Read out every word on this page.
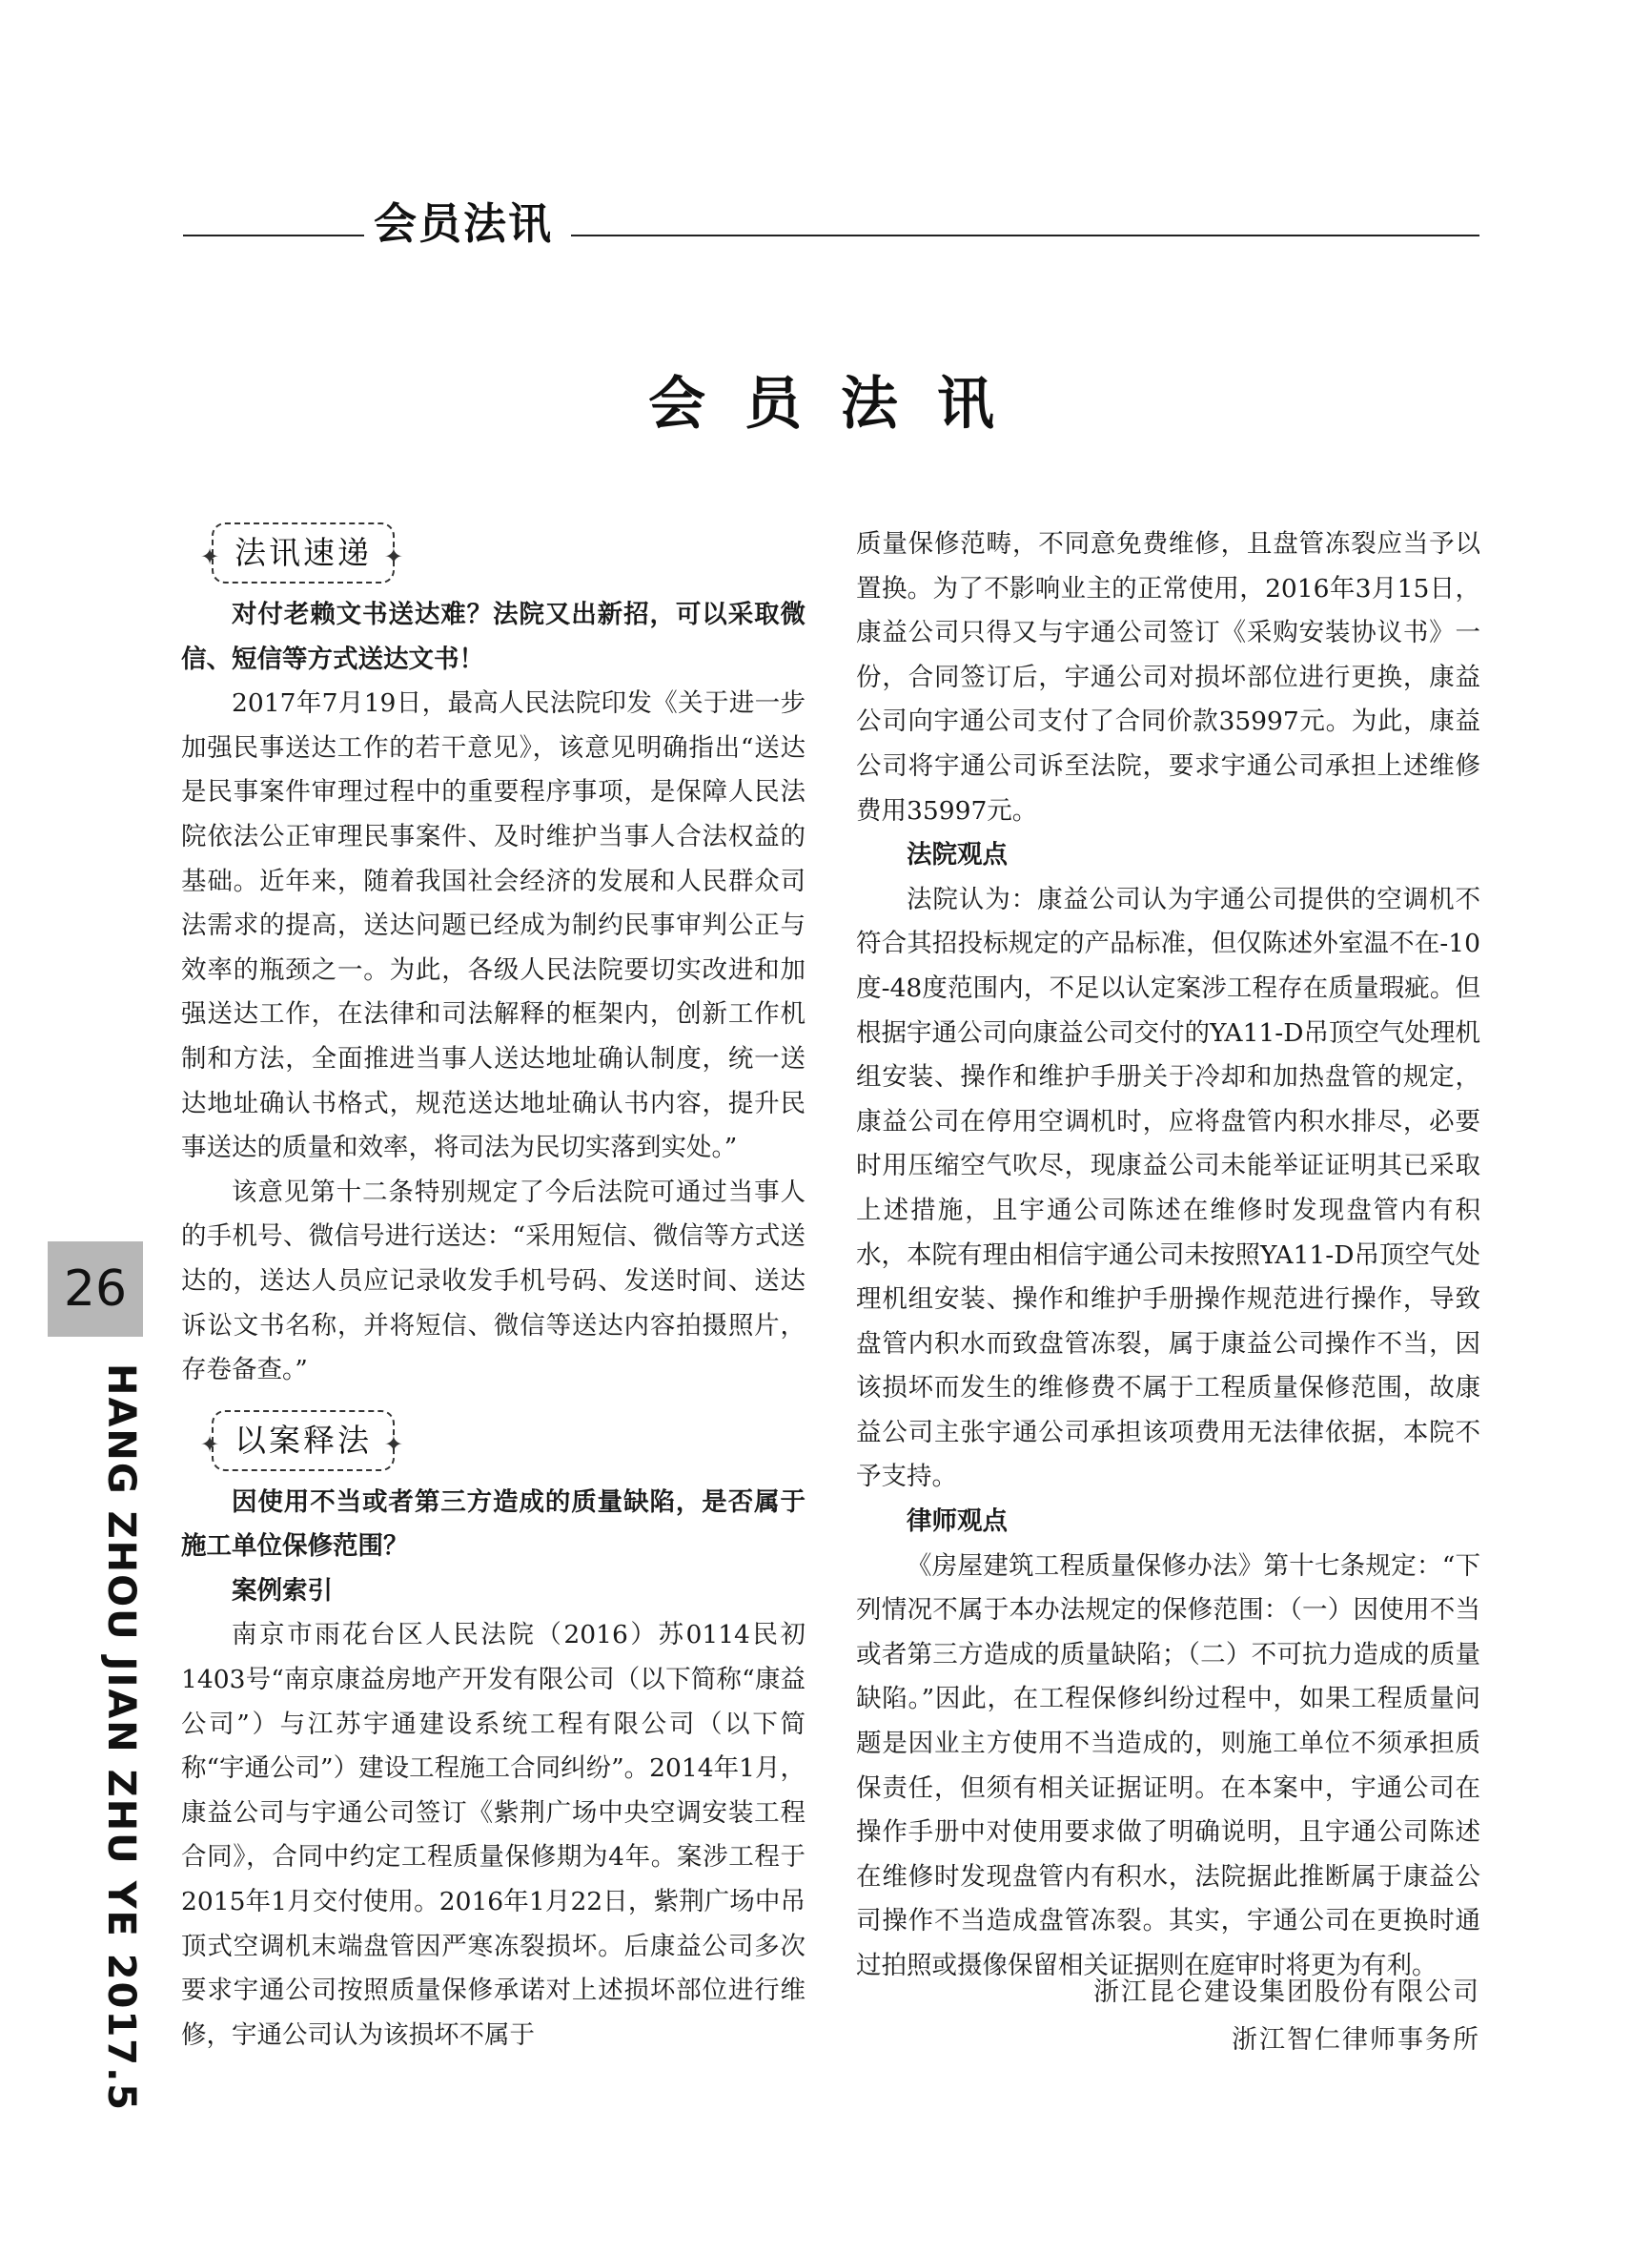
会员法讯
会 员 法 讯
✦ 法讯速递 ✦

对付老赖文书送达难？法院又出新招，可以采取微信、短信等方式送达文书！

2017年7月19日，最高人民法院印发《关于进一步加强民事送达工作的若干意见》，该意见明确指出“送达是民事案件审理过程中的重要程序事项，是保障人民法院依法公正审理民事案件、及时维护当事人合法权益的基础。近年来，随着我国社会经济的发展和人民群众司法需求的提高，送达问题已经成为制约民事审判公正与效率的瓶颈之一。为此，各级人民法院要切实改进和加强送达工作，在法律和司法解释的框架内，创新工作机制和方法，全面推进当事人送达地址确认制度，统一送达地址确认书格式，规范送达地址确认书内容，提升民事送达的质量和效率，将司法为民切实落到实处。”

该意见第十二条特别规定了今后法院可通过当事人的手机号、微信号进行送达：“采用短信、微信等方式送达的，送达人员应记录收发手机号码、发送时间、送达诉讼文书名称，并将短信、微信等送达内容拍摄照片，存卷备查。”

✦ 以案释法 ✦

因使用不当或者第三方造成的质量缺陷，是否属于施工单位保修范围？

案例索引

南京市雨花台区人民法院（2016）苏0114民初1403号“南京康益房地产开发有限公司（以下简称“康益公司”）与江苏宇通建设系统工程有限公司（以下简称“宇通公司”）建设工程施工合同纠纷”。2014年1月，康益公司与宇通公司签订《紫荆广场中央空调安装工程合同》，合同中约定工程质量保修期为4年。案涉工程于2015年1月交付使用。2016年1月22日，紫荆广场中吊顶式空调机末端盘管因严寒冻裂损坏。后康益公司多次要求宇通公司按照质量保修承诺对上述损坏部位进行维修，宇通公司认为该损坏不属于

质量保修范畴，不同意免费维修，且盘管冻裂应当予以置换。为了不影响业主的正常使用，2016年3月15日，康益公司只得又与宇通公司签订《采购安装协议书》一份，合同签订后，宇通公司对损坏部位进行更换，康益公司向宇通公司支付了合同价款35997元。为此，康益公司将宇通公司诉至法院，要求宇通公司承担上述维修费用35997元。

法院观点

法院认为：康益公司认为宇通公司提供的空调机不符合其招投标规定的产品标准，但仅陈述外室温不在-10度-48度范围内，不足以认定案涉工程存在质量瑕疵。但根据宇通公司向康益公司交付的YA11-D吊顶空气处理机组安装、操作和维护手册关于冷却和加热盘管的规定，康益公司在停用空调机时，应将盘管内积水排尽，必要时用压缩空气吹尽，现康益公司未能举证证明其已采取上述措施，且宇通公司陈述在维修时发现盘管内有积水，本院有理由相信宇通公司未按照YA11-D吊顶空气处理机组安装、操作和维护手册操作规范进行操作，导致盘管内积水而致盘管冻裂，属于康益公司操作不当，因该损坏而发生的维修费不属于工程质量保修范围，故康益公司主张宇通公司承担该项费用无法律依据，本院不予支持。

律师观点

《房屋建筑工程质量保修办法》第十七条规定：“下列情况不属于本办法规定的保修范围：（一）因使用不当或者第三方造成的质量缺陷；（二）不可抗力造成的质量缺陷。”因此，在工程保修纠纷过程中，如果工程质量问题是因业主方使用不当造成的，则施工单位不须承担质保责任，但须有相关证据证明。在本案中，宇通公司在操作手册中对使用要求做了明确说明，且宇通公司陈述在维修时发现盘管内有积水，法院据此推断属于康益公司操作不当造成盘管冻裂。其实，宇通公司在更换时通过拍照或摄像保留相关证据则在庭审时将更为有利。

浙江昆仑建设集团股份有限公司
浙江智仁律师事务所
26
HANG ZHOU JIAN ZHU YE 2017.5
